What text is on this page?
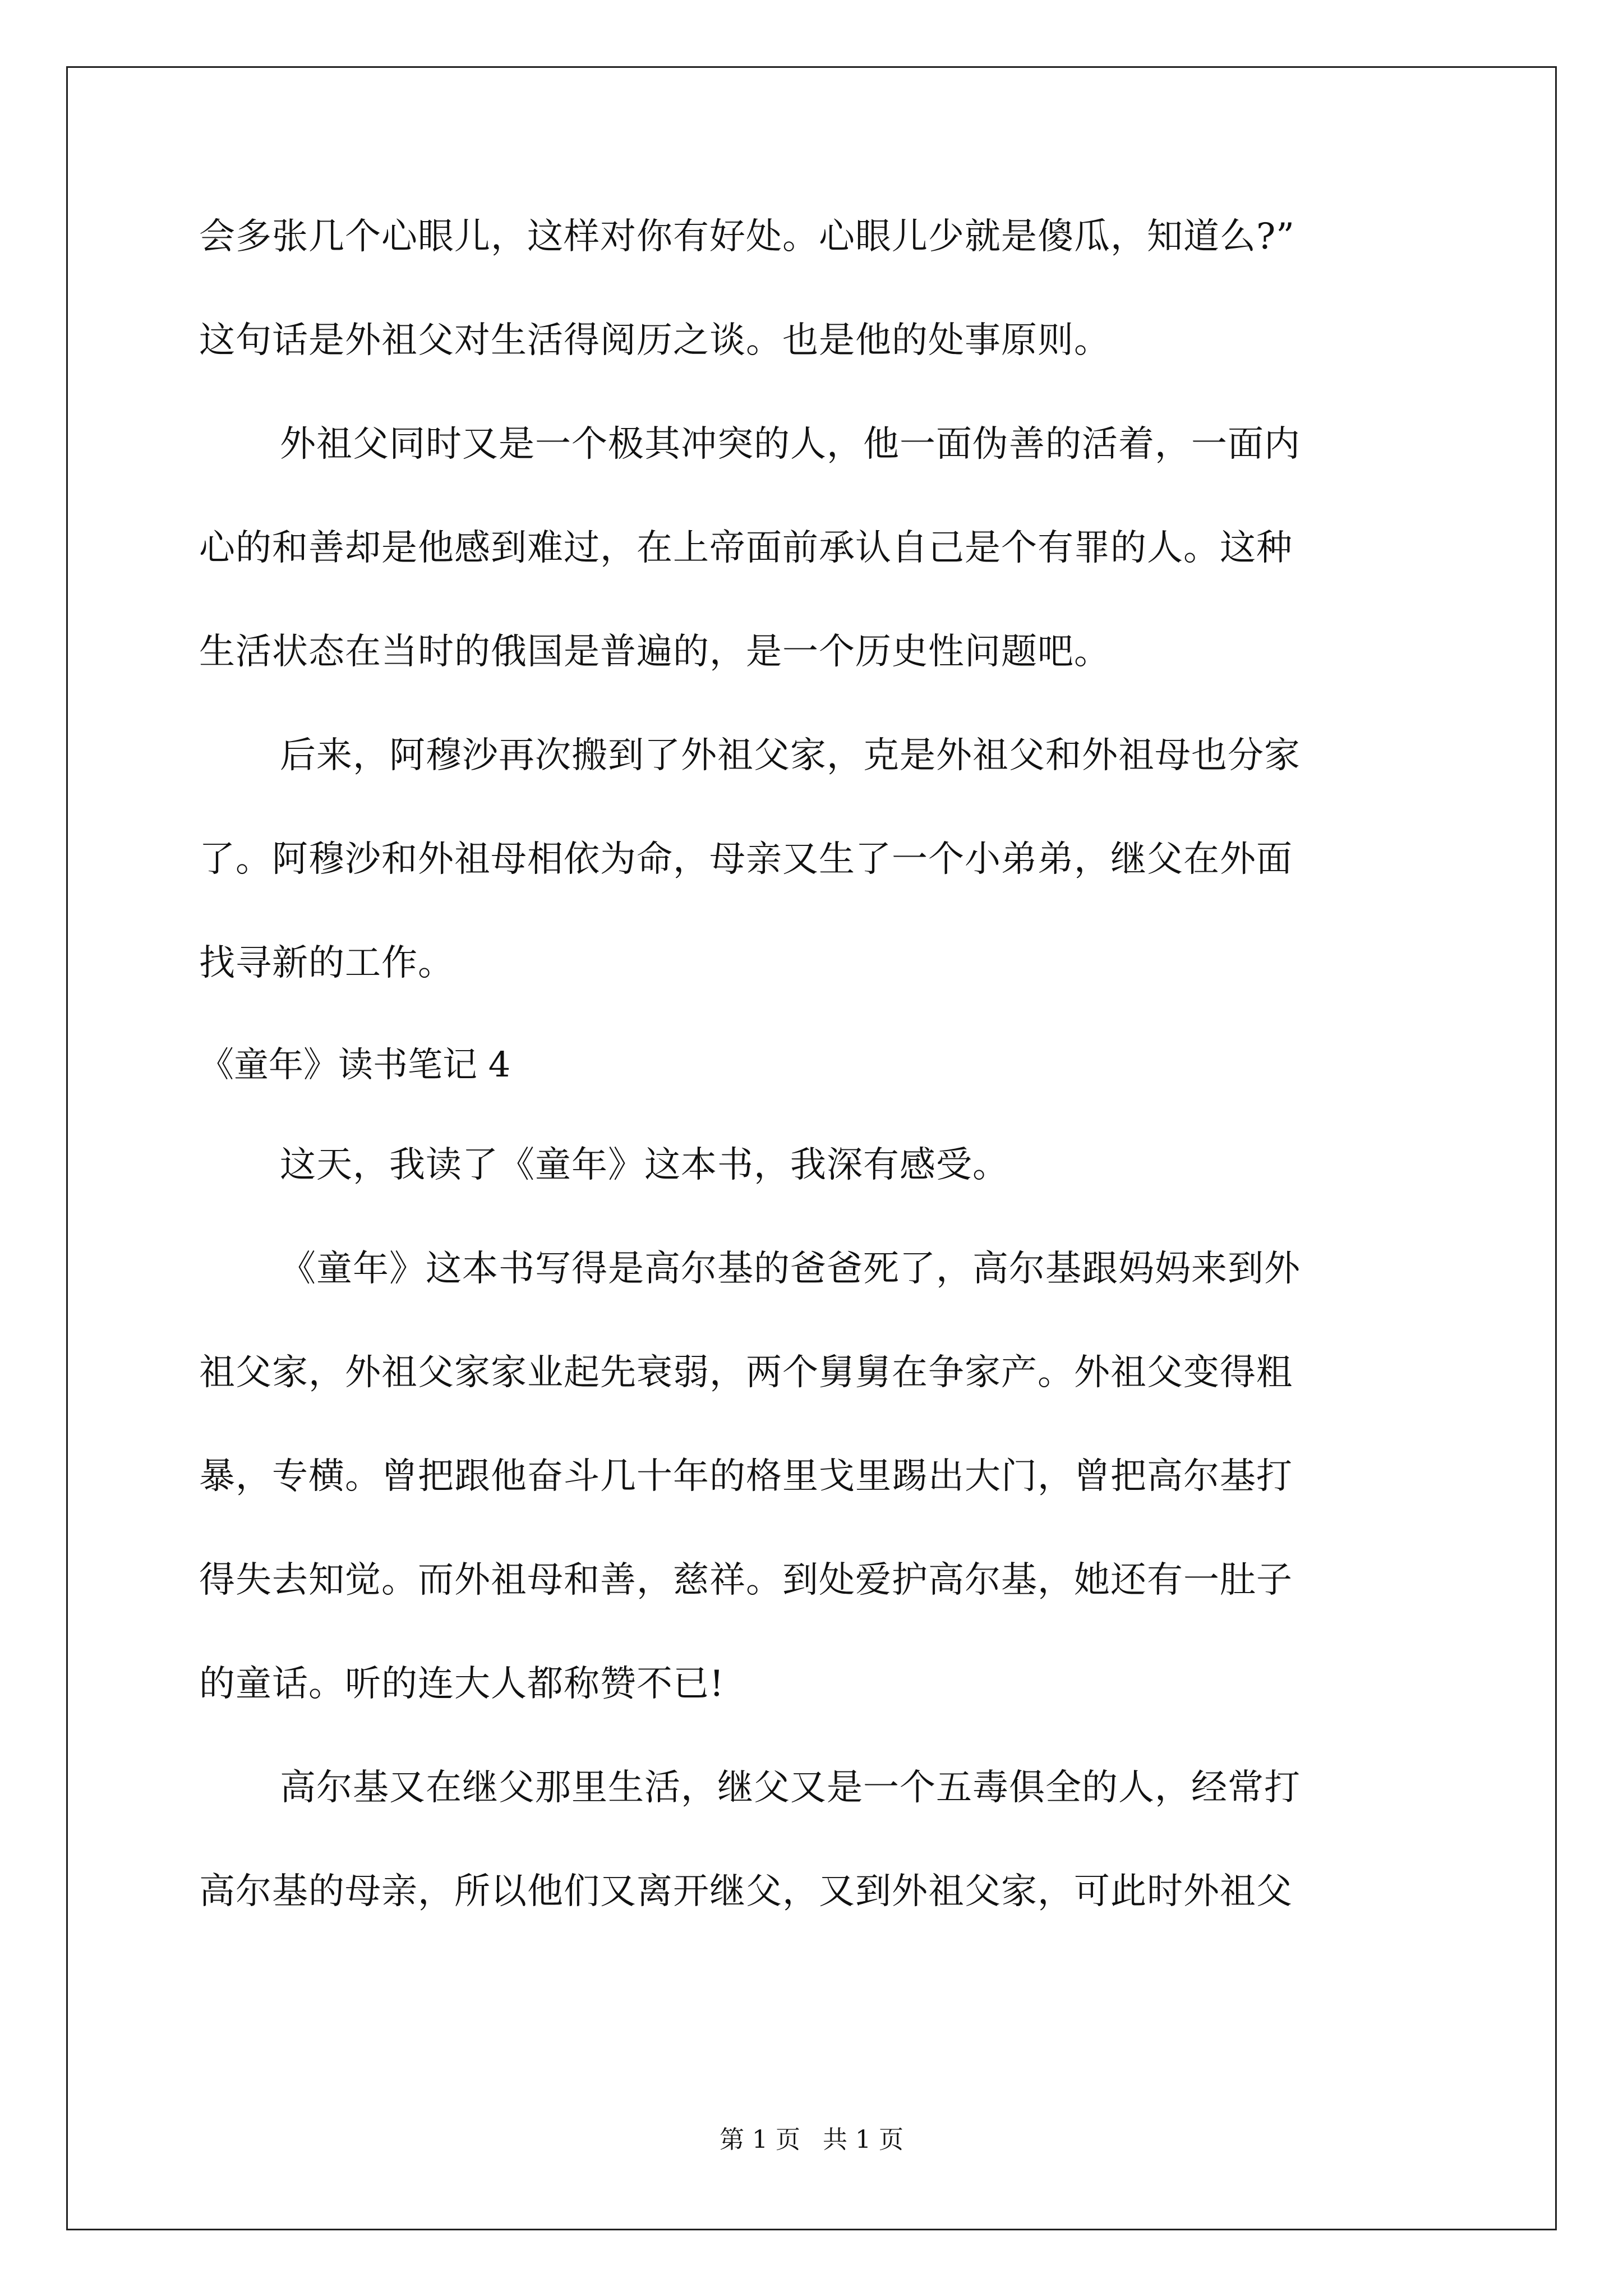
会多张几个心眼儿，这样对你有好处。心眼儿少就是傻瓜，知道么?”
这句话是外祖父对生活得阅历之谈。也是他的处事原则。
外祖父同时又是一个极其冲突的人，他一面伪善的活着，一面内
心的和善却是他感到难过，在上帝面前承认自己是个有罪的人。这种
生活状态在当时的俄国是普遍的，是一个历史性问题吧。
后来，阿穆沙再次搬到了外祖父家，克是外祖父和外祖母也分家
了。阿穆沙和外祖母相依为命，母亲又生了一个小弟弟，继父在外面
找寻新的工作。
《童年》读书笔记 4
这天，我读了《童年》这本书，我深有感受。
《童年》这本书写得是高尔基的爸爸死了，高尔基跟妈妈来到外
祖父家，外祖父家家业起先衰弱，两个舅舅在争家产。外祖父变得粗
暴，专横。曾把跟他奋斗几十年的格里戈里踢出大门，曾把高尔基打
得失去知觉。而外祖母和善，慈祥。到处爱护高尔基，她还有一肚子
的童话。听的连大人都称赞不已!
高尔基又在继父那里生活，继父又是一个五毒俱全的人，经常打
高尔基的母亲，所以他们又离开继父，又到外祖父家，可此时外祖父
第 1 页 共 1 页
